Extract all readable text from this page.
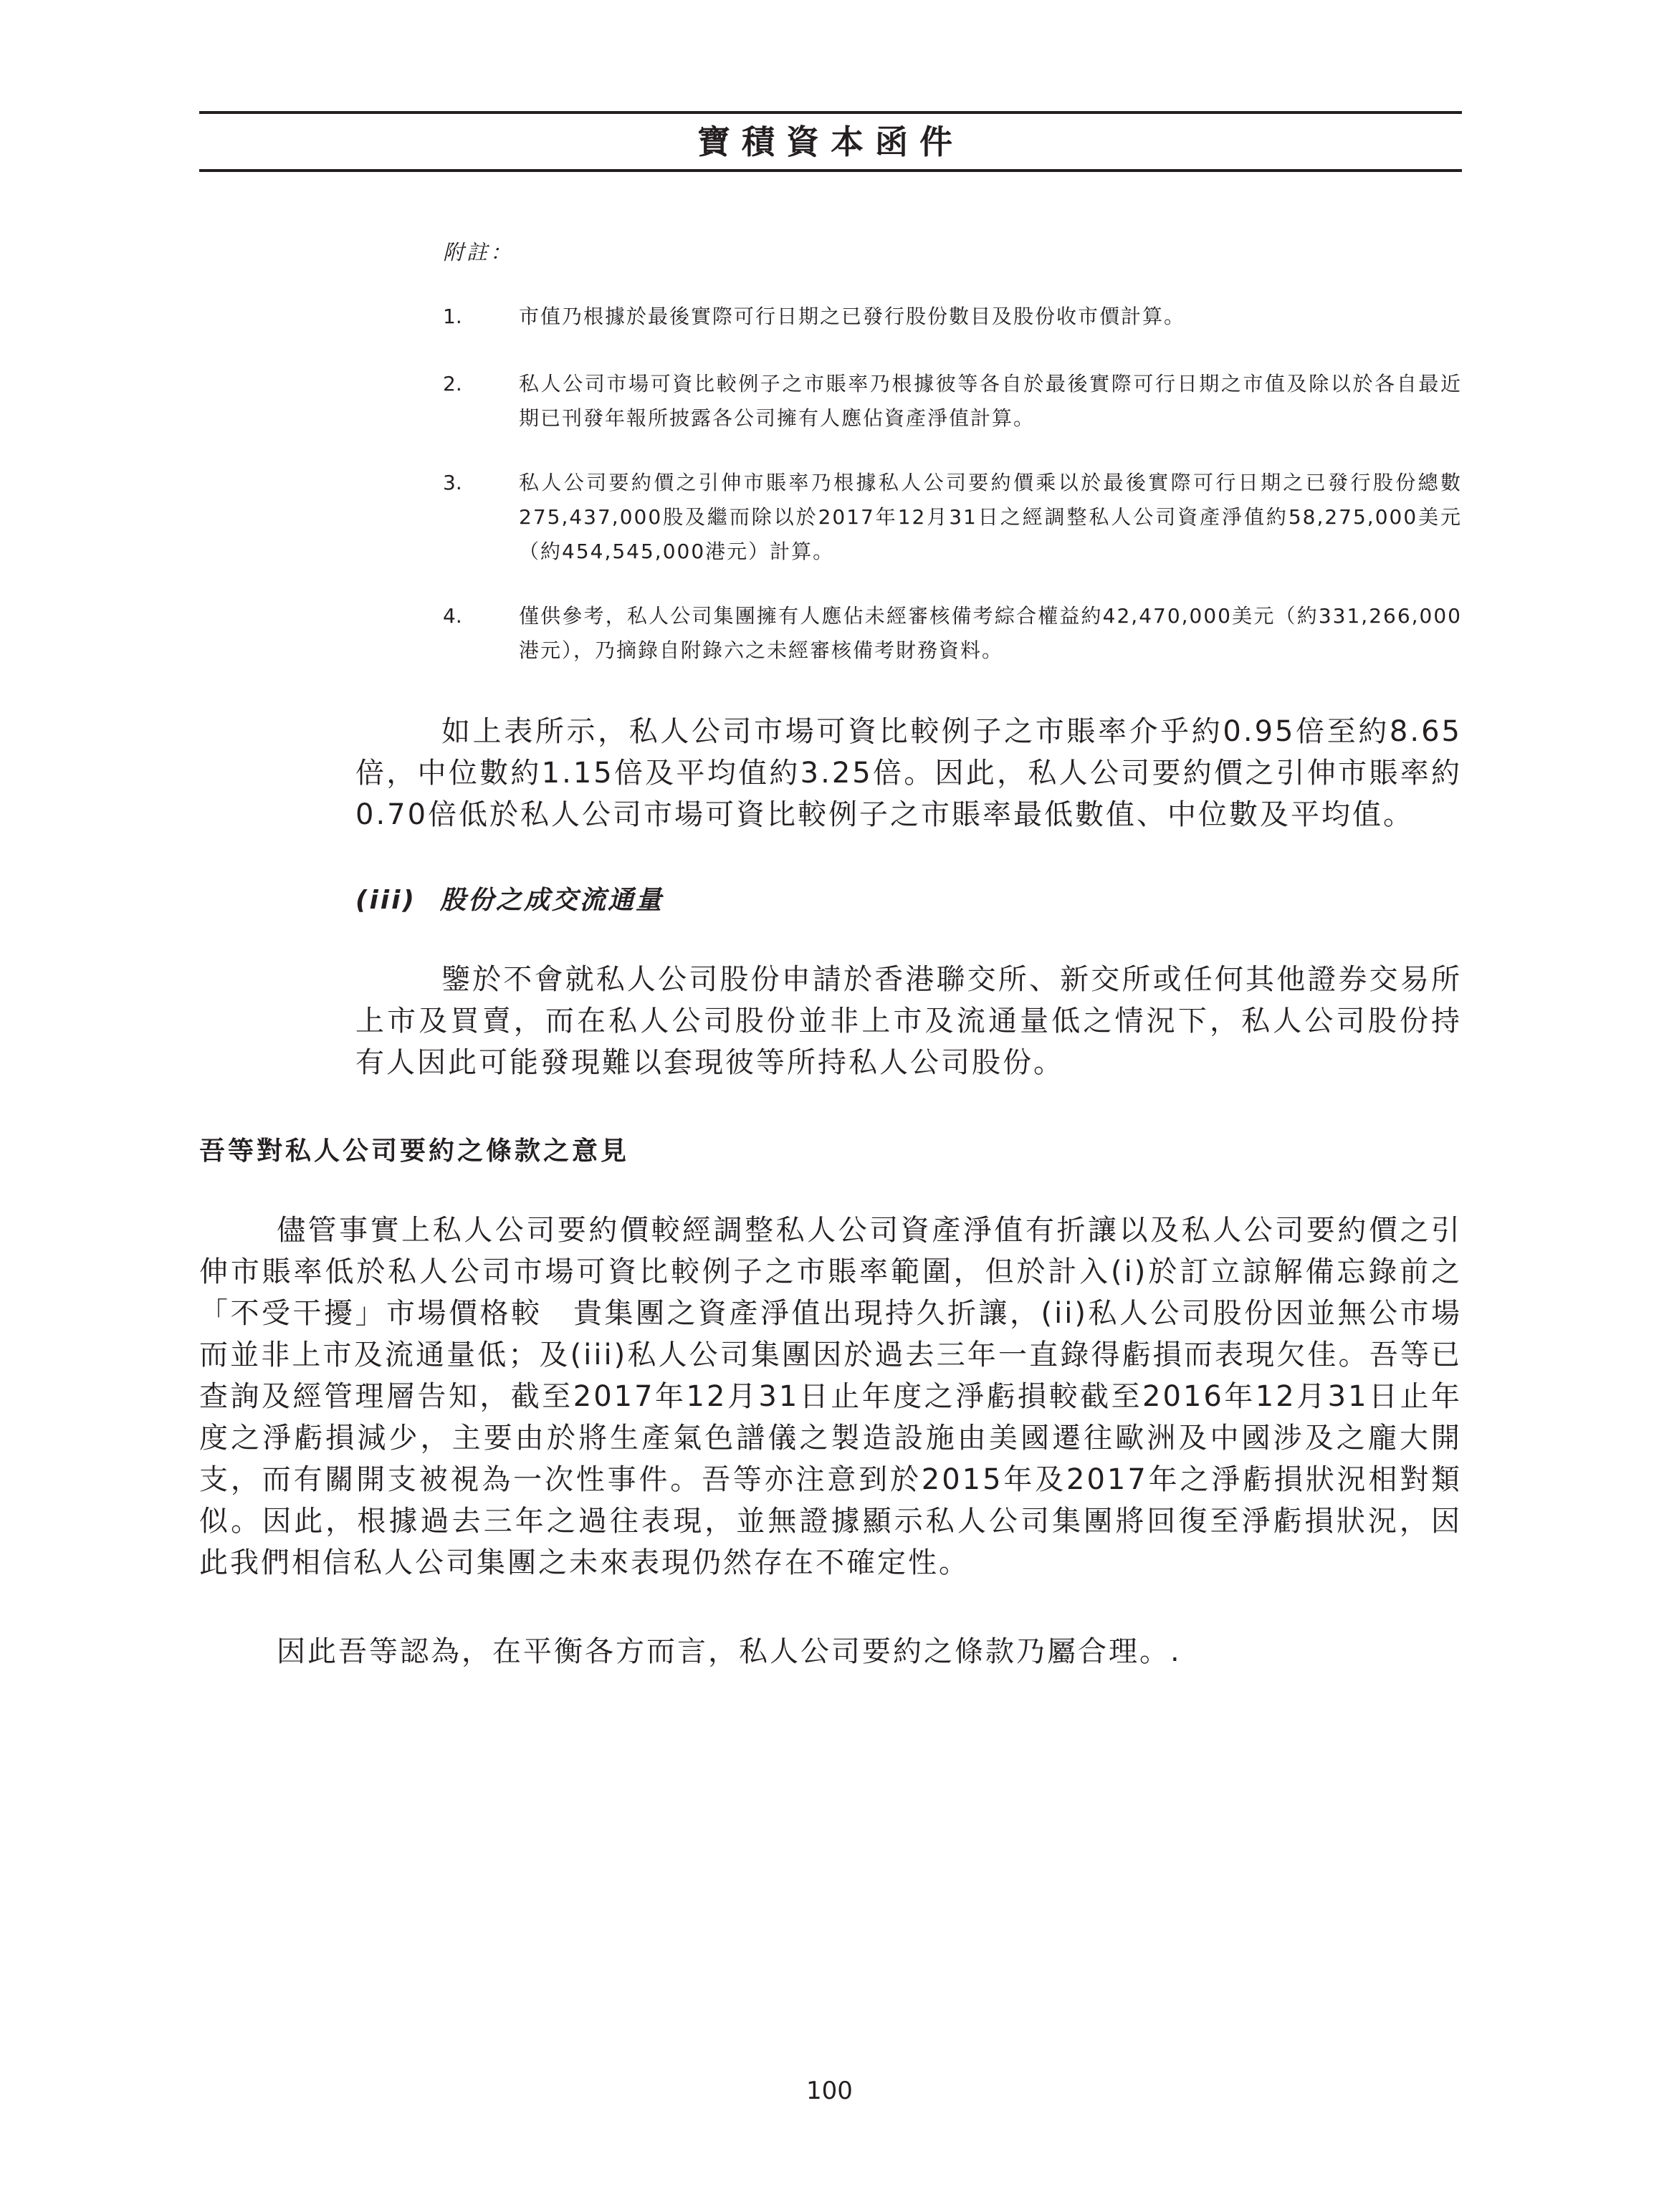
寶積資本函件
附註：
1.	市值乃根據於最後實際可行日期之已發行股份數目及股份收市價計算。
2.	私人公司市場可資比較例子之市賬率乃根據彼等各自於最後實際可行日期之市值及除以於各自最近期已刊發年報所披露各公司擁有人應佔資產淨值計算。
3.	私人公司要約價之引伸市賬率乃根據私人公司要約價乘以於最後實際可行日期之已發行股份總數275,437,000股及繼而除以於2017年12月31日之經調整私人公司資產淨值約58,275,000美元（約454,545,000港元）計算。
4.	僅供參考，私人公司集團擁有人應佔未經審核備考綜合權益約42,470,000美元（約331,266,000港元），乃摘錄自附錄六之未經審核備考財務資料。
如上表所示，私人公司市場可資比較例子之市賬率介乎約0.95倍至約8.65倍，中位數約1.15倍及平均值約3.25倍。因此，私人公司要約價之引伸市賬率約0.70倍低於私人公司市場可資比較例子之市賬率最低數值、中位數及平均值。
(iii) 股份之成交流通量
鑒於不會就私人公司股份申請於香港聯交所、新交所或任何其他證券交易所上市及買賣，而在私人公司股份並非上市及流通量低之情況下，私人公司股份持有人因此可能發現難以套現彼等所持私人公司股份。
吾等對私人公司要約之條款之意見
儘管事實上私人公司要約價較經調整私人公司資產淨值有折讓以及私人公司要約價之引伸市賬率低於私人公司市場可資比較例子之市賬率範圍，但於計入(i)於訂立諒解備忘錄前之「不受干擾」市場價格較　貴集團之資產淨值出現持久折讓，(ii)私人公司股份因並無公市場而並非上市及流通量低；及(iii)私人公司集團因於過去三年一直錄得虧損而表現欠佳。吾等已查詢及經管理層告知，截至2017年12月31日止年度之淨虧損較截至2016年12月31日止年度之淨虧損減少，主要由於將生產氣色譜儀之製造設施由美國遷往歐洲及中國涉及之龐大開支，而有關開支被視為一次性事件。吾等亦注意到於2015年及2017年之淨虧損狀況相對類似。因此，根據過去三年之過往表現，並無證據顯示私人公司集團將回復至淨虧損狀況，因此我們相信私人公司集團之未來表現仍然存在不確定性。
因此吾等認為，在平衡各方而言，私人公司要約之條款乃屬合理。.
100
